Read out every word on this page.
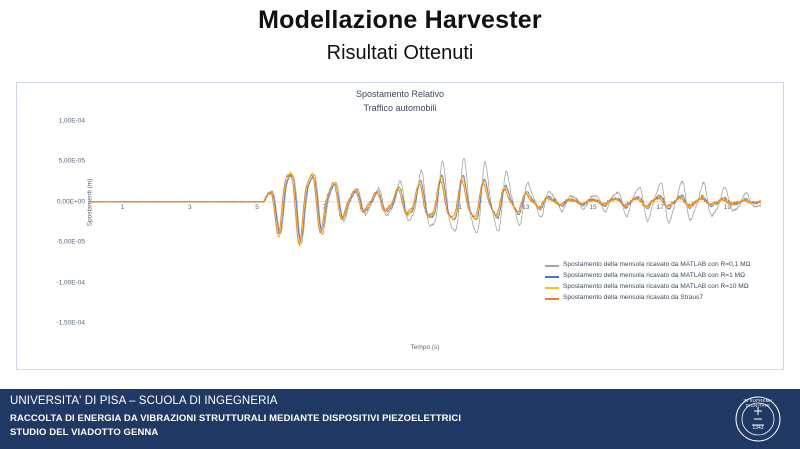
Modellazione Harvester
Risultati Ottenuti
Spostamento Relativo
Traffico automobili
Spostamenti (m)
Tempo (s)
1,00E-04
5,00E-05
0,00E+00
-5,00E-05
-1,00E-04
-1,50E-04
1	3	5	7	9	11	13	15	17	19
Spostamento della mensola ricavato da MATLAB con R=0,1 MΩ
Spostamento della mensola ricavato da MATLAB con R=1 MΩ
Spostamento della mensola ricavato da MATLAB con R=10 MΩ
Spostamento della mensola ricavato da Straus7
UNIVERSITA' DI PISA – SCUOLA DI INGEGNERIA
RACCOLTA DI ENERGIA DA VIBRAZIONI STRUTTURALI MEDIANTE DISPOSITIVI PIEZOELETTRICI
STUDIO DEL VIADOTTO GENNA
IN SUPREMA DIGNITATE
1343
